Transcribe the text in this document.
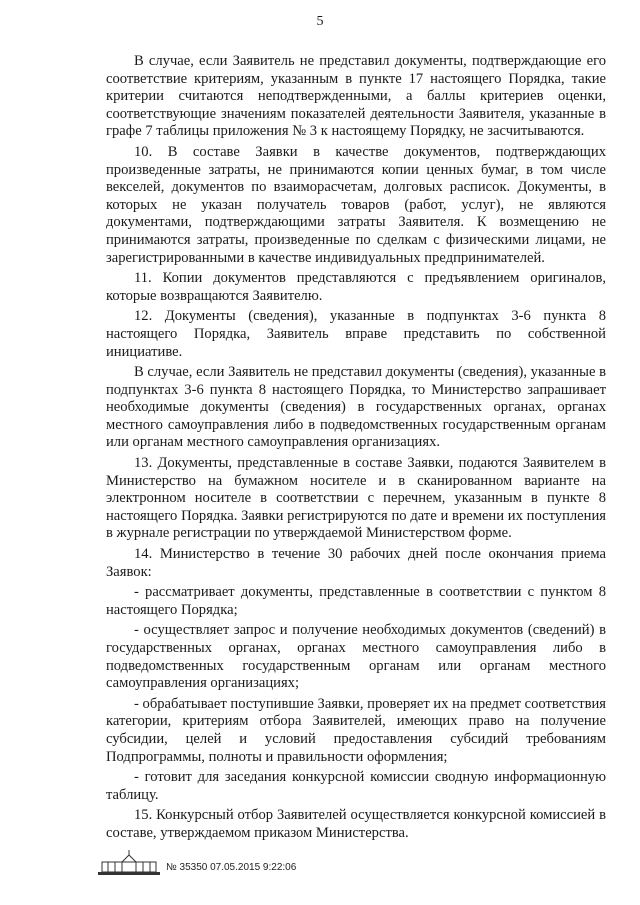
5

В случае, если Заявитель не представил документы, подтверждающие его соответствие критериям, указанным в пункте 17 настоящего Порядка, такие критерии считаются неподтвержденными, а баллы критериев оценки, соответствующие значениям показателей деятельности Заявителя, указанные в графе 7 таблицы приложения № 3 к настоящему Порядку, не засчитываются.

10. В составе Заявки в качестве документов, подтверждающих произведенные затраты, не принимаются копии ценных бумаг, в том числе векселей, документов по взаиморасчетам, долговых расписок. Документы, в которых не указан получатель товаров (работ, услуг), не являются документами, подтверждающими затраты Заявителя. К возмещению не принимаются затраты, произведенные по сделкам с физическими лицами, не зарегистрированными в качестве индивидуальных предпринимателей.

11. Копии документов представляются с предъявлением оригиналов, которые возвращаются Заявителю.

12. Документы (сведения), указанные в подпунктах 3-6 пункта 8 настоящего Порядка, Заявитель вправе представить по собственной инициативе.

В случае, если Заявитель не представил документы (сведения), указанные в подпунктах 3-6 пункта 8 настоящего Порядка, то Министерство запрашивает необходимые документы (сведения) в государственных органах, органах местного самоуправления либо в подведомственных государственным органам или органам местного самоуправления организациях.

13. Документы, представленные в составе Заявки, подаются Заявителем в Министерство на бумажном носителе и в сканированном варианте на электронном носителе в соответствии с перечнем, указанным в пункте 8 настоящего Порядка. Заявки регистрируются по дате и времени их поступления в журнале регистрации по утверждаемой Министерством форме.

14. Министерство в течение 30 рабочих дней после окончания приема Заявок:

- рассматривает документы, представленные в соответствии с пунктом 8 настоящего Порядка;

- осуществляет запрос и получение необходимых документов (сведений) в государственных органах, органах местного самоуправления либо в подведомственных государственным органам или органам местного самоуправления организациях;

- обрабатывает поступившие Заявки, проверяет их на предмет соответствия категории, критериям отбора Заявителей, имеющих право на получение субсидии, целей и условий предоставления субсидий требованиям Подпрограммы, полноты и правильности оформления;

- готовит для заседания конкурсной комиссии сводную информационную таблицу.

15. Конкурсный отбор Заявителей осуществляется конкурсной комиссией в составе, утверждаемом приказом Министерства.

№ 35350 07.05.2015 9:22:06
